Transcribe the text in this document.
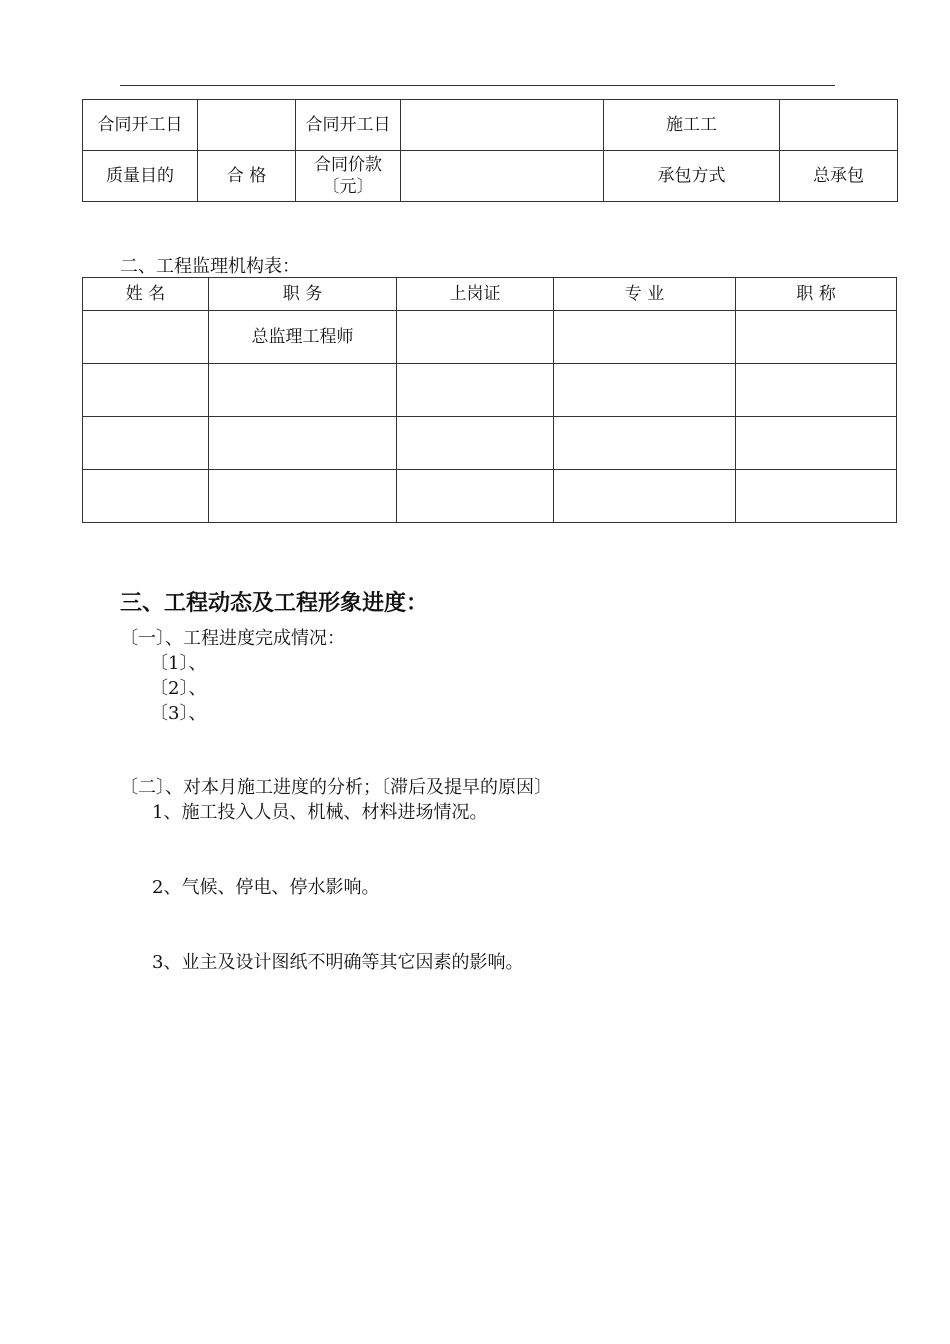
合同开工日		合同开工日		施工工	
质量目的	合 格	合同价款〔元〕		承包方式	总承包
二、工程监理机构表：
姓 名	职 务	上岗证	专 业	职 称
	总监理工程师			

三、工程动态及工程形象进度：
〔一〕、工程进度完成情况：
〔1〕、
〔2〕、
〔3〕、
〔二〕、对本月施工进度的分析；〔滞后及提早的原因〕
1、施工投入人员、机械、材料进场情况。
2、气候、停电、停水影响。
3、业主及设计图纸不明确等其它因素的影响。
